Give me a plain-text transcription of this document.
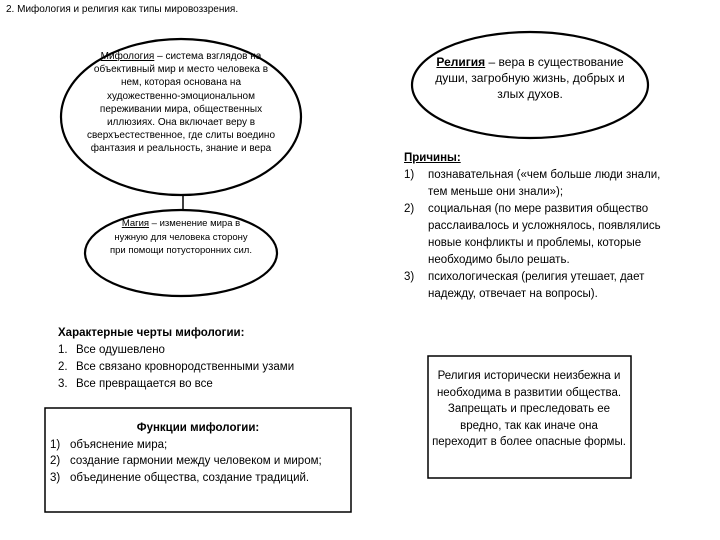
2. Мифология и религия как типы мировоззрения.
Мифология – система взглядов на объективный мир и место человека в нем, которая основана на художественно-эмоциональном переживании мира, общественных иллюзиях. Она включает веру в сверхъестественное, где слиты воедино фантазия и реальность, знание и вера
Магия – изменение мира в нужную для человека сторону при помощи потусторонних сил.
Религия – вера в существование души, загробную жизнь, добрых и злых духов.
Причины:
1) познавательная («чем больше люди знали, тем меньше они знали»);
2) социальная (по мере развития общество расслаивалось и усложнялось, появлялись новые конфликты и проблемы, которые необходимо было решать.
3) психологическая (религия утешает, дает надежду, отвечает на вопросы).
Характерные черты мифологии:
1. Все одушевлено
2. Все связано кровнородственными узами
3. Все превращается во все
Функции мифологии:
1) объяснение мира;
2) создание гармонии между человеком и миром;
3) объединение общества, создание традиций.
Религия исторически неизбежна и необходима в развитии общества. Запрещать и преследовать ее вредно, так как иначе она переходит в более опасные формы.
